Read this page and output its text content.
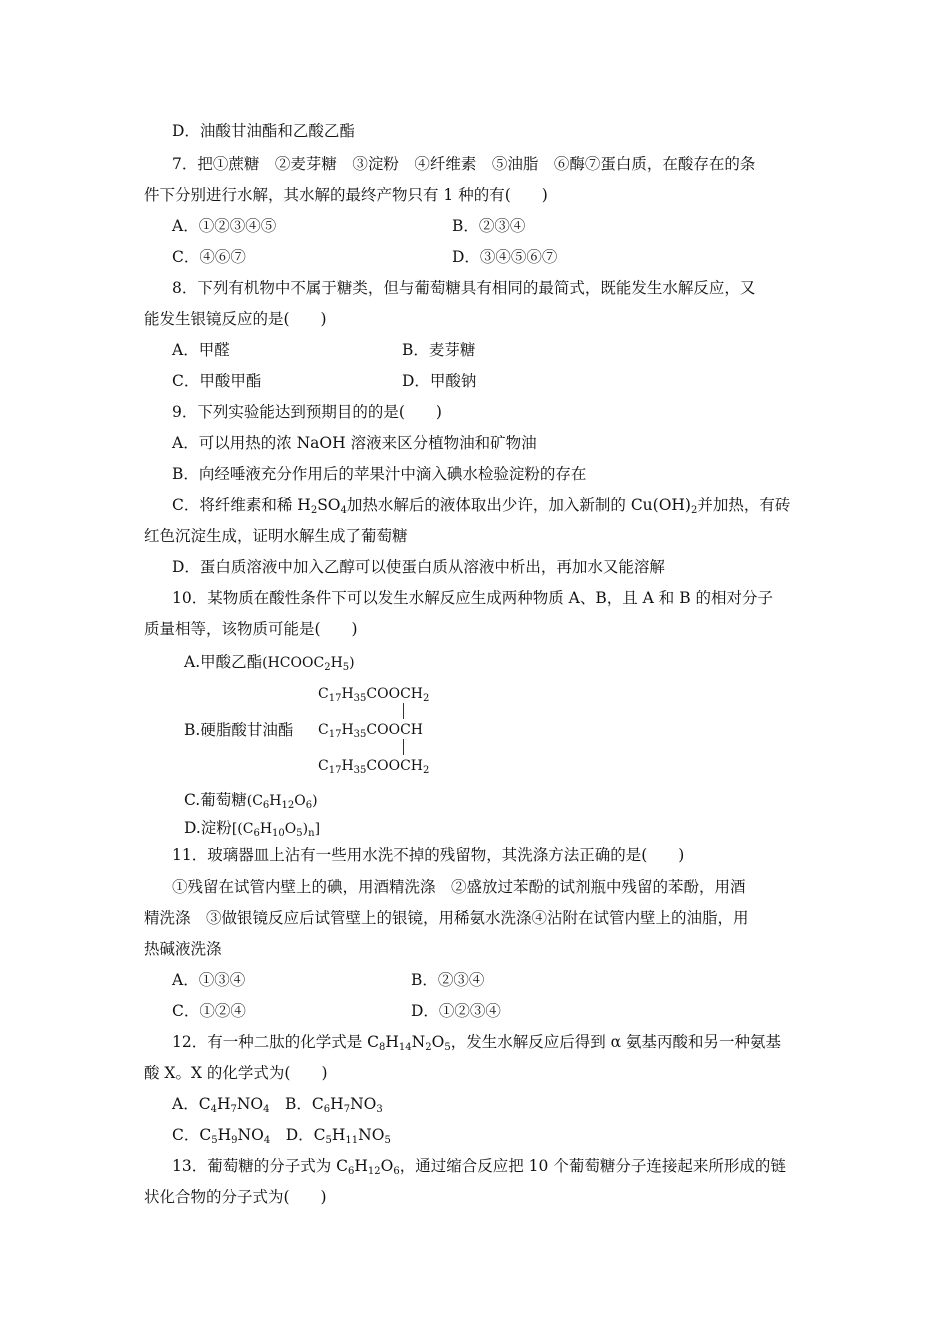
D．油酸甘油酯和乙酸乙酯
7．把①蔗糖　②麦芽糖　③淀粉　④纤维素　⑤油脂　⑥酶⑦蛋白质，在酸存在的条
件下分别进行水解，其水解的最终产物只有 1 种的有(　　)
A．①②③④⑤	B．②③④
C．④⑥⑦	D．③④⑤⑥⑦
8．下列有机物中不属于糖类，但与葡萄糖具有相同的最简式，既能发生水解反应，又
能发生银镜反应的是(　　)
A．甲醛	B．麦芽糖
C．甲酸甲酯	D．甲酸钠
9．下列实验能达到预期目的的是(　　)
A．可以用热的浓 NaOH 溶液来区分植物油和矿物油
B．向经唾液充分作用后的苹果汁中滴入碘水检验淀粉的存在
C．将纤维素和稀 $H_2SO_4$加热水解后的液体取出少许，加入新制的 $Cu(OH)_2$并加热，有砖
红色沉淀生成，证明水解生成了葡萄糖
D．蛋白质溶液中加入乙醇可以使蛋白质从溶液中析出，再加水又能溶解
10．某物质在酸性条件下可以发生水解反应生成两种物质 A、B，且 A 和 B 的相对分子
质量相等，该物质可能是(　　)
A.甲酸乙酯$(HCOOC_2H_5)$
$C_{17}H_{35}COOCH_2$
B.硬脂酸甘油酯 $C_{17}H_{35}COOCH$
$C_{17}H_{35}COOCH_2$
C.葡萄糖$(C_6H_{12}O_6)$
D.淀粉$[(C_6H_{10}O_5)_n]$
11．玻璃器皿上沾有一些用水洗不掉的残留物，其洗涤方法正确的是(　　)
①残留在试管内壁上的碘，用酒精洗涤　②盛放过苯酚的试剂瓶中残留的苯酚，用酒
精洗涤　③做银镜反应后试管壁上的银镜，用稀氨水洗涤④沾附在试管内壁上的油脂，用
热碱液洗涤
A．①③④	B．②③④
C．①②④	D．①②③④
12．有一种二肽的化学式是 $C_8H_{14}N_2O_5$，发生水解反应后得到 α 氨基丙酸和另一种氨基
酸 X。X 的化学式为(　　)
A．$C_4H_7NO_4$　 B．$C_6H_7NO_3$
C．$C_5H_9NO_4$　 D．$C_5H_{11}NO_5$
13．葡萄糖的分子式为 $C_6H_{12}O_6$，通过缩合反应把 10 个葡萄糖分子连接起来所形成的链
状化合物的分子式为(　　)
